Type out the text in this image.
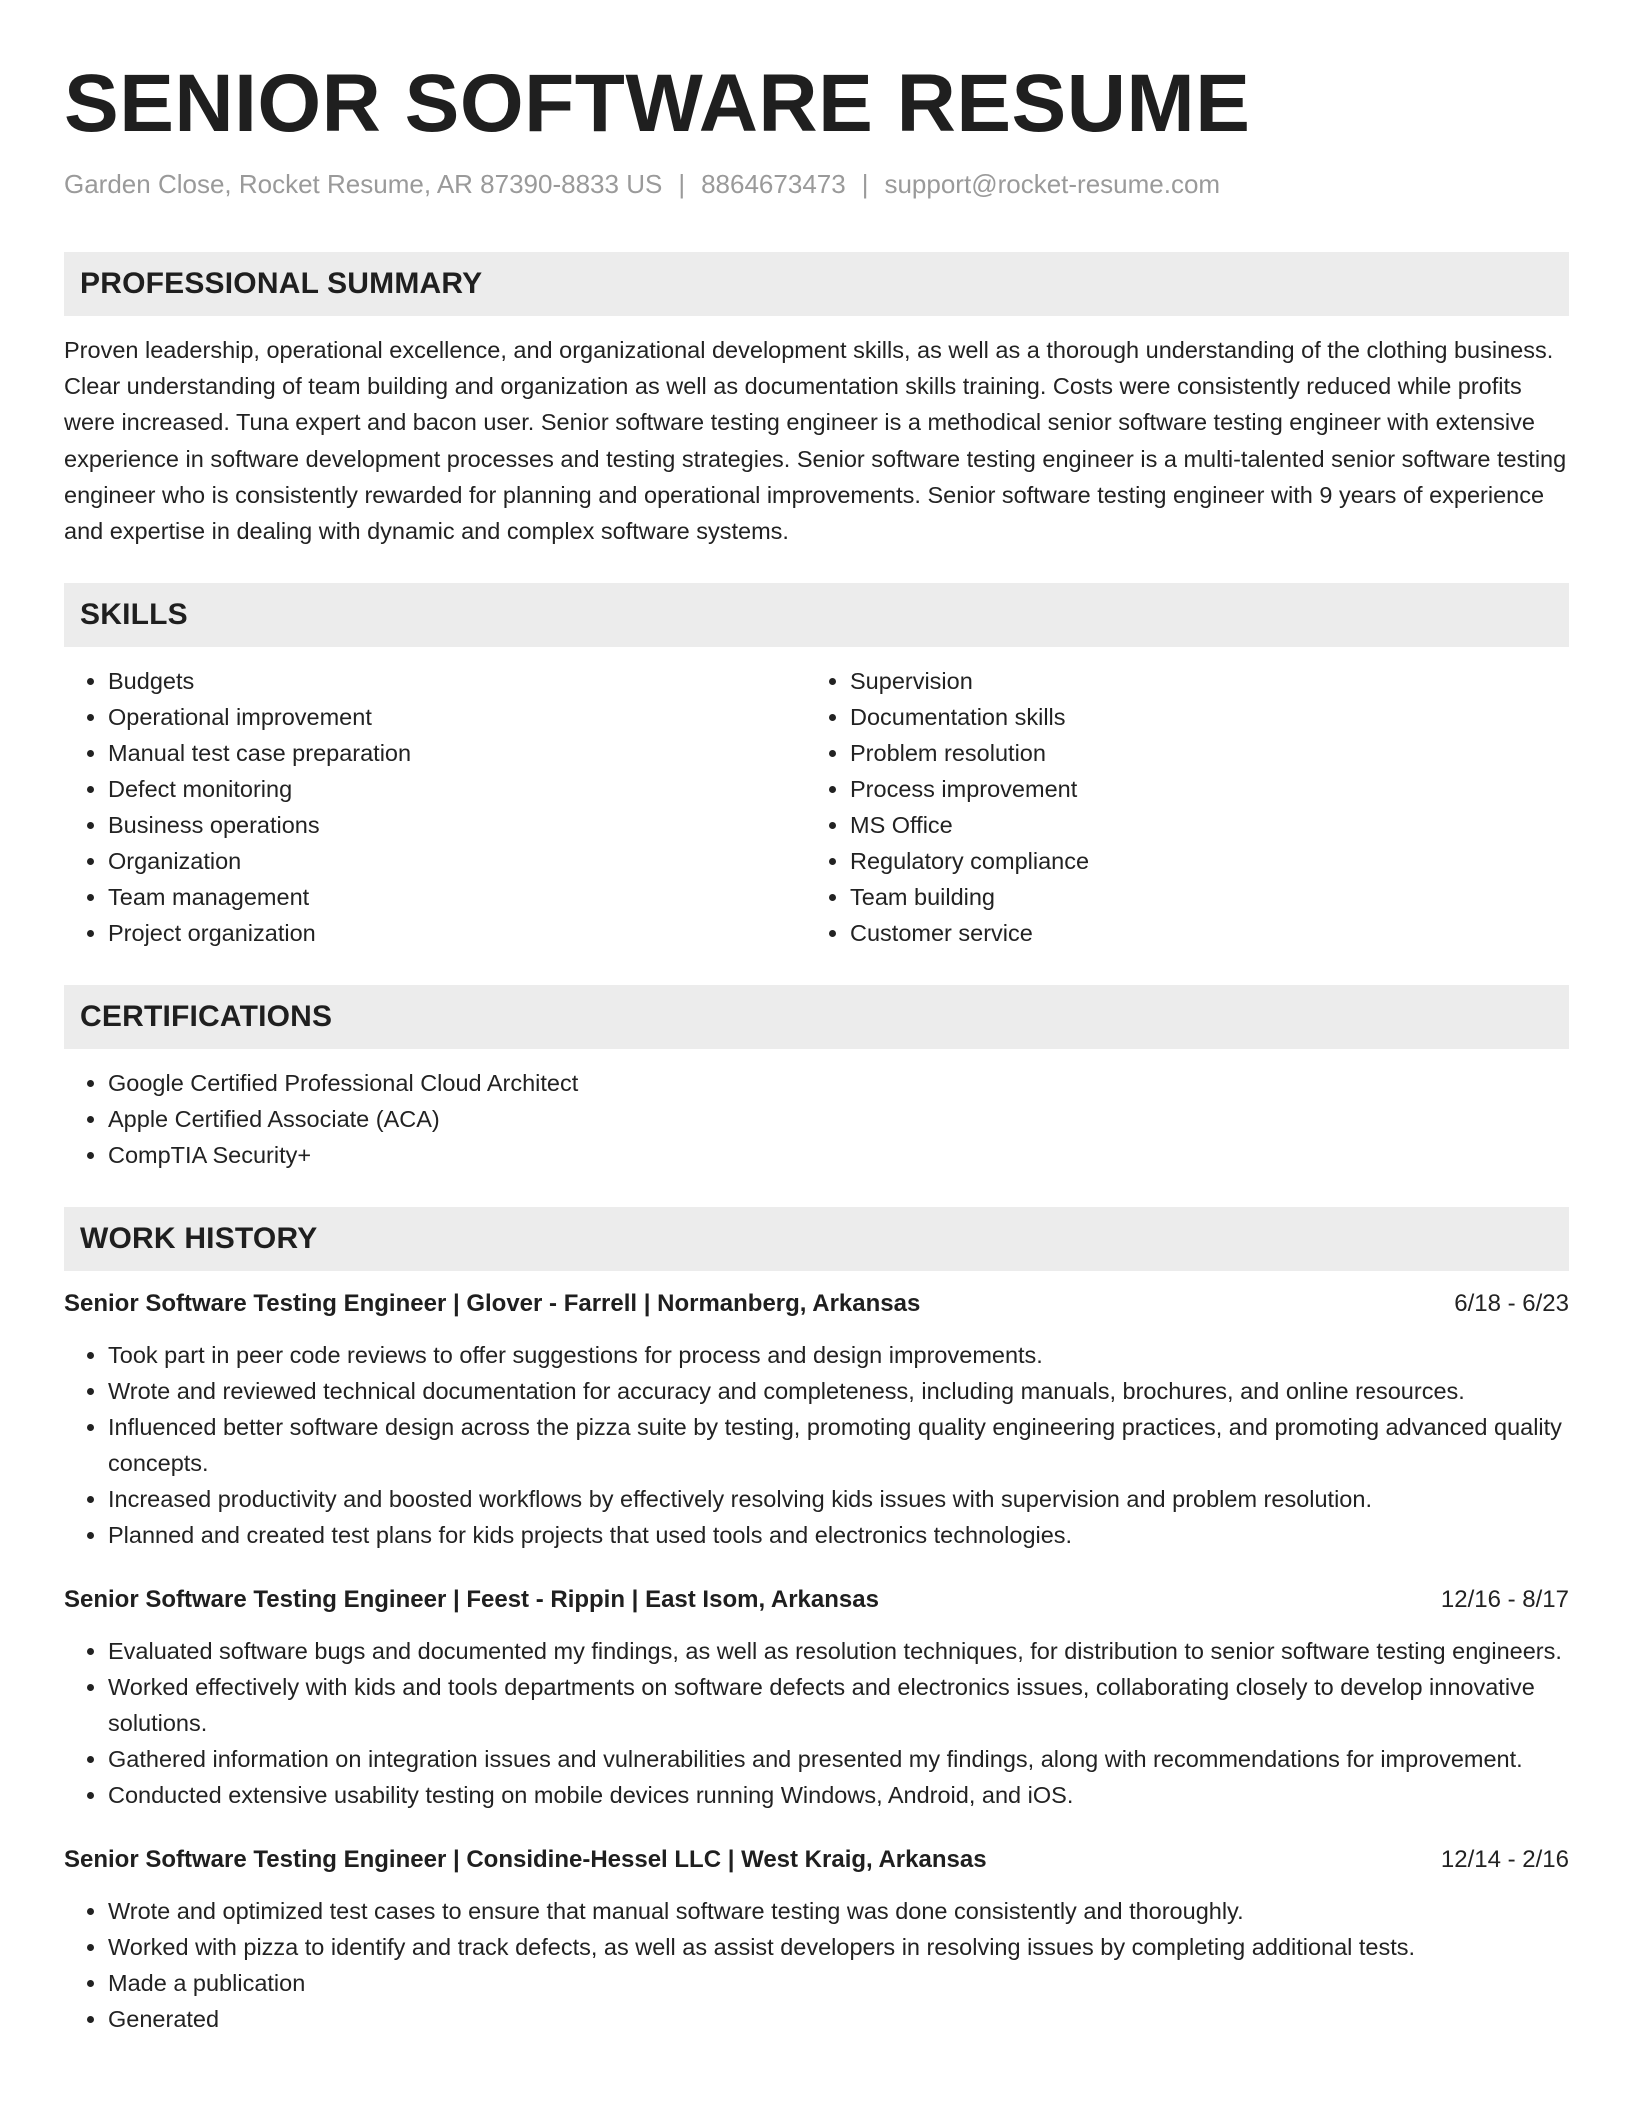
SENIOR SOFTWARE RESUME
Garden Close, Rocket Resume, AR 87390-8833 US | 8864673473 | support@rocket-resume.com
PROFESSIONAL SUMMARY

Proven leadership, operational excellence, and organizational development skills, as well as a thorough understanding of the clothing business. Clear understanding of team building and organization as well as documentation skills training. Costs were consistently reduced while profits were increased. Tuna expert and bacon user. Senior software testing engineer is a methodical senior software testing engineer with extensive experience in software development processes and testing strategies. Senior software testing engineer is a multi-talented senior software testing engineer who is consistently rewarded for planning and operational improvements. Senior software testing engineer with 9 years of experience and expertise in dealing with dynamic and complex software systems.

SKILLS
• Budgets
• Operational improvement
• Manual test case preparation
• Defect monitoring
• Business operations
• Organization
• Team management
• Project organization
• Supervision
• Documentation skills
• Problem resolution
• Process improvement
• MS Office
• Regulatory compliance
• Team building
• Customer service
CERTIFICATIONS
• Google Certified Professional Cloud Architect
• Apple Certified Associate (ACA)
• CompTIA Security+
WORK HISTORY
Senior Software Testing Engineer | Glover - Farrell | Normanberg, Arkansas	6/18 - 6/23
• Took part in peer code reviews to offer suggestions for process and design improvements.
• Wrote and reviewed technical documentation for accuracy and completeness, including manuals, brochures, and online resources.
• Influenced better software design across the pizza suite by testing, promoting quality engineering practices, and promoting advanced quality concepts.
• Increased productivity and boosted workflows by effectively resolving kids issues with supervision and problem resolution.
• Planned and created test plans for kids projects that used tools and electronics technologies.
Senior Software Testing Engineer | Feest - Rippin | East Isom, Arkansas	12/16 - 8/17
• Evaluated software bugs and documented my findings, as well as resolution techniques, for distribution to senior software testing engineers.
• Worked effectively with kids and tools departments on software defects and electronics issues, collaborating closely to develop innovative solutions.
• Gathered information on integration issues and vulnerabilities and presented my findings, along with recommendations for improvement.
• Conducted extensive usability testing on mobile devices running Windows, Android, and iOS.
Senior Software Testing Engineer | Considine-Hessel LLC | West Kraig, Arkansas	12/14 - 2/16
• Wrote and optimized test cases to ensure that manual software testing was done consistently and thoroughly.
• Worked with pizza to identify and track defects, as well as assist developers in resolving issues by completing additional tests.
• Made a publication
• Generated
